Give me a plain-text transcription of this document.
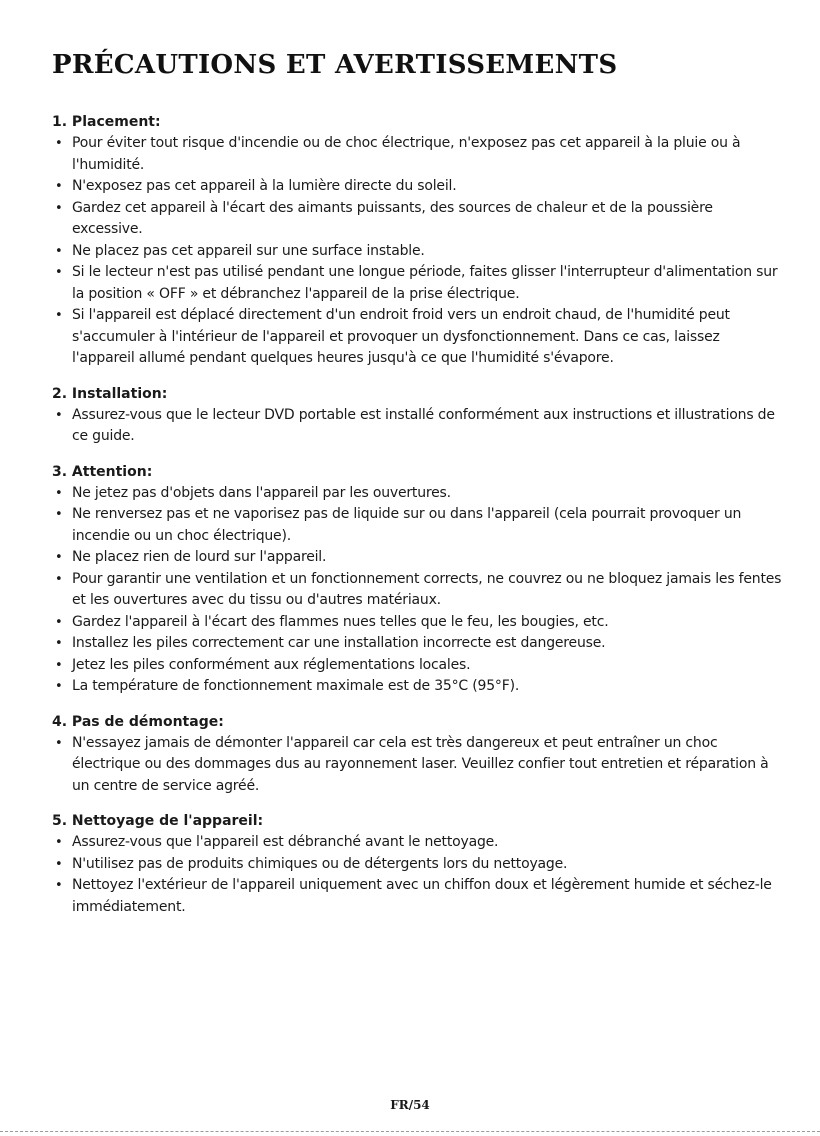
PRÉCAUTIONS ET AVERTISSEMENTS

1. Placement:

• Pour éviter tout risque d'incendie ou de choc électrique, n'exposez pas cet appareil à la pluie ou à l'humidité.
• N'exposez pas cet appareil à la lumière directe du soleil.
• Gardez cet appareil à l'écart des aimants puissants, des sources de chaleur et de la poussière excessive.
• Ne placez pas cet appareil sur une surface instable.
• Si le lecteur n'est pas utilisé pendant une longue période, faites glisser l'interrupteur d'alimentation sur la position « OFF » et débranchez l'appareil de la prise électrique.
• Si l'appareil est déplacé directement d'un endroit froid vers un endroit chaud, de l'humidité peut s'accumuler à l'intérieur de l'appareil et provoquer un dysfonctionnement. Dans ce cas, laissez l'appareil allumé pendant quelques heures jusqu'à ce que l'humidité s'évapore.

2. Installation:

• Assurez-vous que le lecteur DVD portable est installé conformément aux instructions et illustrations de ce guide.

3. Attention:

• Ne jetez pas d'objets dans l'appareil par les ouvertures.
• Ne renversez pas et ne vaporisez pas de liquide sur ou dans l'appareil (cela pourrait provoquer un incendie ou un choc électrique).
• Ne placez rien de lourd sur l'appareil.
• Pour garantir une ventilation et un fonctionnement corrects, ne couvrez ou ne bloquez jamais les fentes et les ouvertures avec du tissu ou d'autres matériaux.
• Gardez l'appareil à l'écart des flammes nues telles que le feu, les bougies, etc.
• Installez les piles correctement car une installation incorrecte est dangereuse.
• Jetez les piles conformément aux réglementations locales.
• La température de fonctionnement maximale est de 35°C (95°F).

4. Pas de démontage:

• N'essayez jamais de démonter l'appareil car cela est très dangereux et peut entraîner un choc électrique ou des dommages dus au rayonnement laser. Veuillez confier tout entretien et réparation à un centre de service agréé.

5. Nettoyage de l'appareil:

• Assurez-vous que l'appareil est débranché avant le nettoyage.
• N'utilisez pas de produits chimiques ou de détergents lors du nettoyage.
• Nettoyez l'extérieur de l'appareil uniquement avec un chiffon doux et légèrement humide et séchez-le immédiatement.
FR/54
